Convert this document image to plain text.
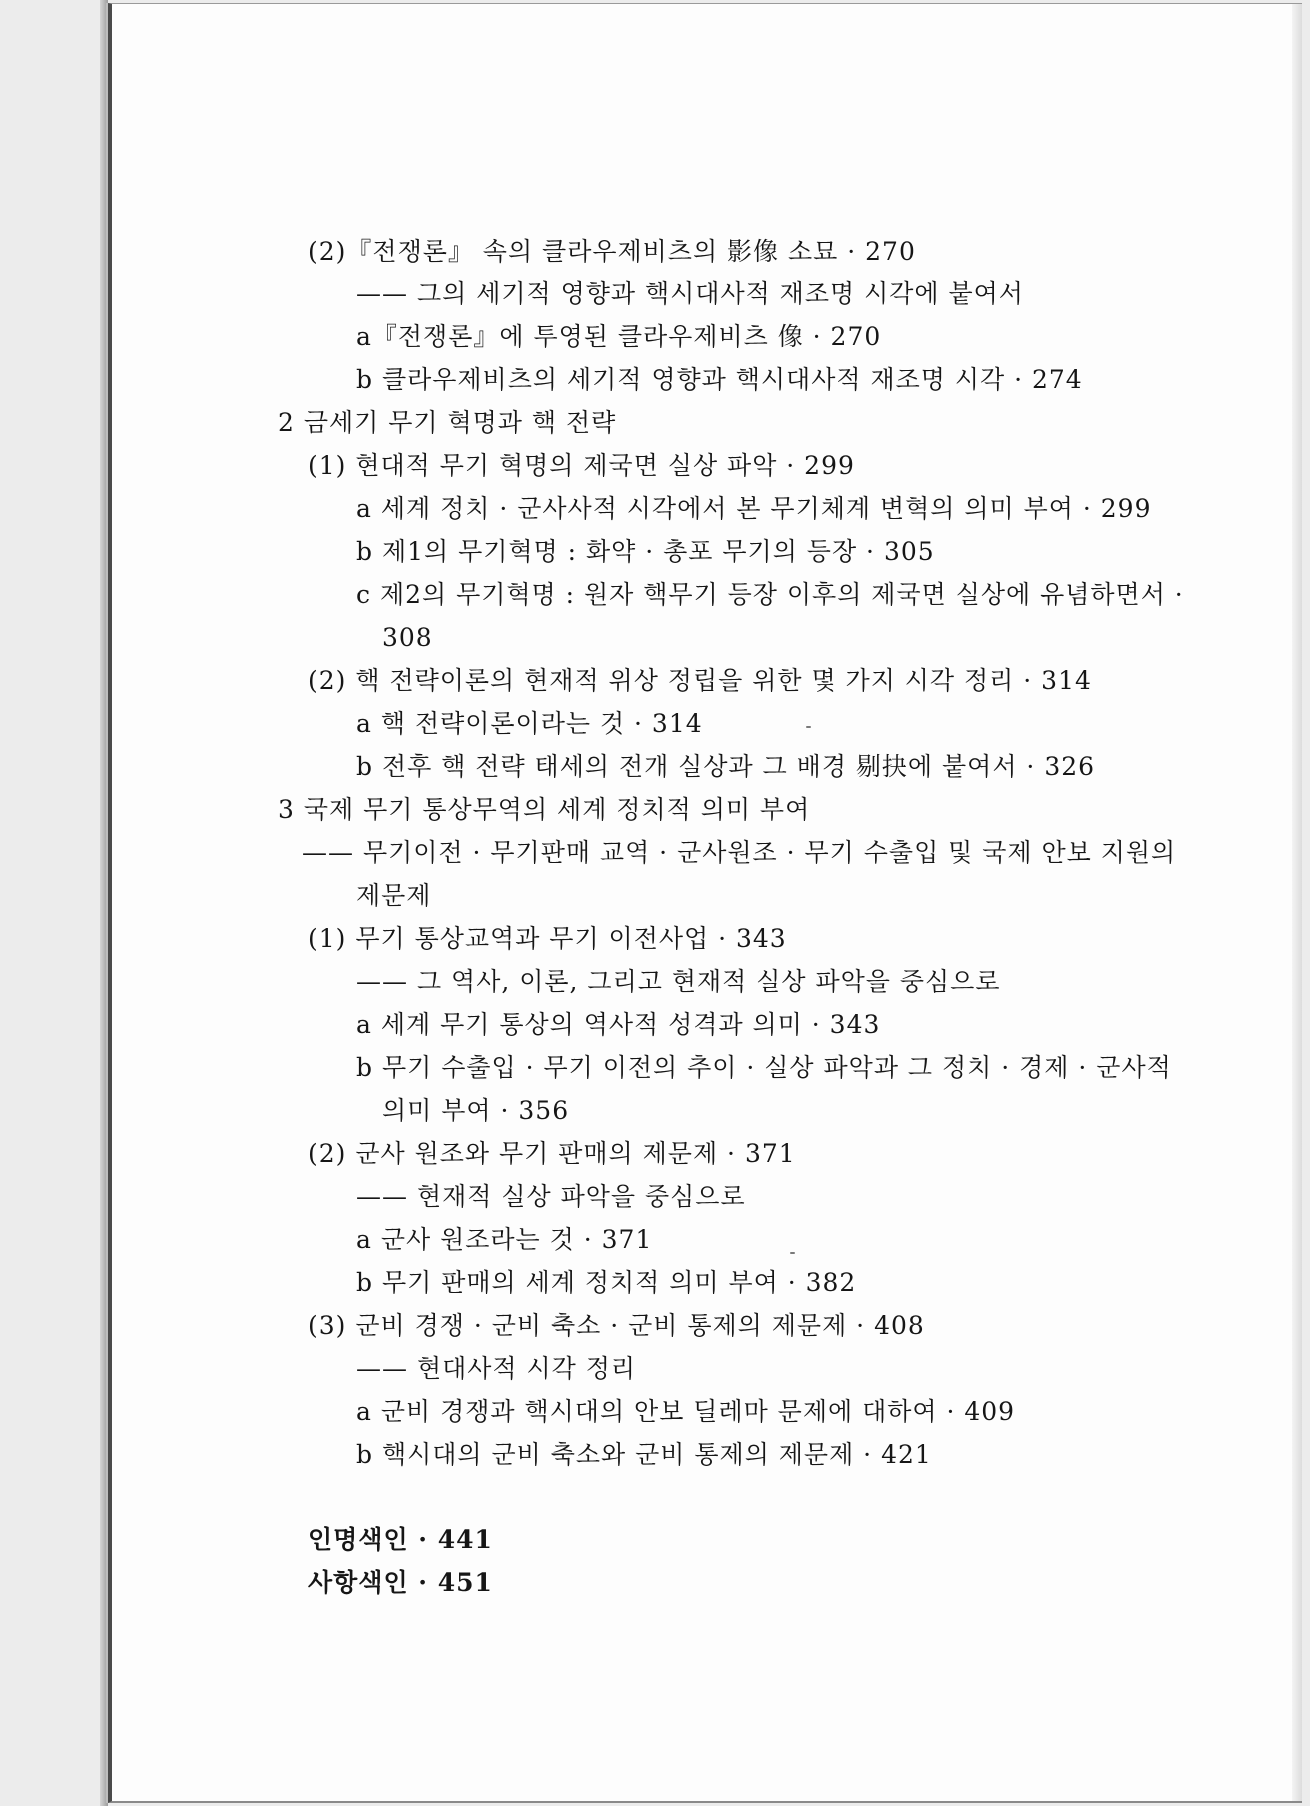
(2)『전쟁론』 속의 클라우제비츠의 影像 소묘 · 270
—— 그의 세기적 영향과 핵시대사적 재조명 시각에 붙여서
a『전쟁론』에 투영된 클라우제비츠 像 · 270
b 클라우제비츠의 세기적 영향과 핵시대사적 재조명 시각 · 274
2 금세기 무기 혁명과 핵 전략
(1) 현대적 무기 혁명의 제국면 실상 파악 · 299
a 세계 정치 · 군사사적 시각에서 본 무기체계 변혁의 의미 부여 · 299
b 제1의 무기혁명 : 화약 · 총포 무기의 등장 · 305
c 제2의 무기혁명 : 원자 핵무기 등장 이후의 제국면 실상에 유념하면서 ·
308
(2) 핵 전략이론의 현재적 위상 정립을 위한 몇 가지 시각 정리 · 314
a 핵 전략이론이라는 것 · 314
b 전후 핵 전략 태세의 전개 실상과 그 배경 剔抉에 붙여서 · 326
3 국제 무기 통상무역의 세계 정치적 의미 부여
—— 무기이전 · 무기판매 교역 · 군사원조 · 무기 수출입 및 국제 안보 지원의
제문제
(1) 무기 통상교역과 무기 이전사업 · 343
—— 그 역사, 이론, 그리고 현재적 실상 파악을 중심으로
a 세계 무기 통상의 역사적 성격과 의미 · 343
b 무기 수출입 · 무기 이전의 추이 · 실상 파악과 그 정치 · 경제 · 군사적
의미 부여 · 356
(2) 군사 원조와 무기 판매의 제문제 · 371
—— 현재적 실상 파악을 중심으로
a 군사 원조라는 것 · 371
b 무기 판매의 세계 정치적 의미 부여 · 382
(3) 군비 경쟁 · 군비 축소 · 군비 통제의 제문제 · 408
—— 현대사적 시각 정리
a 군비 경쟁과 핵시대의 안보 딜레마 문제에 대하여 · 409
b 핵시대의 군비 축소와 군비 통제의 제문제 · 421
인명색인 · 441
사항색인 · 451
